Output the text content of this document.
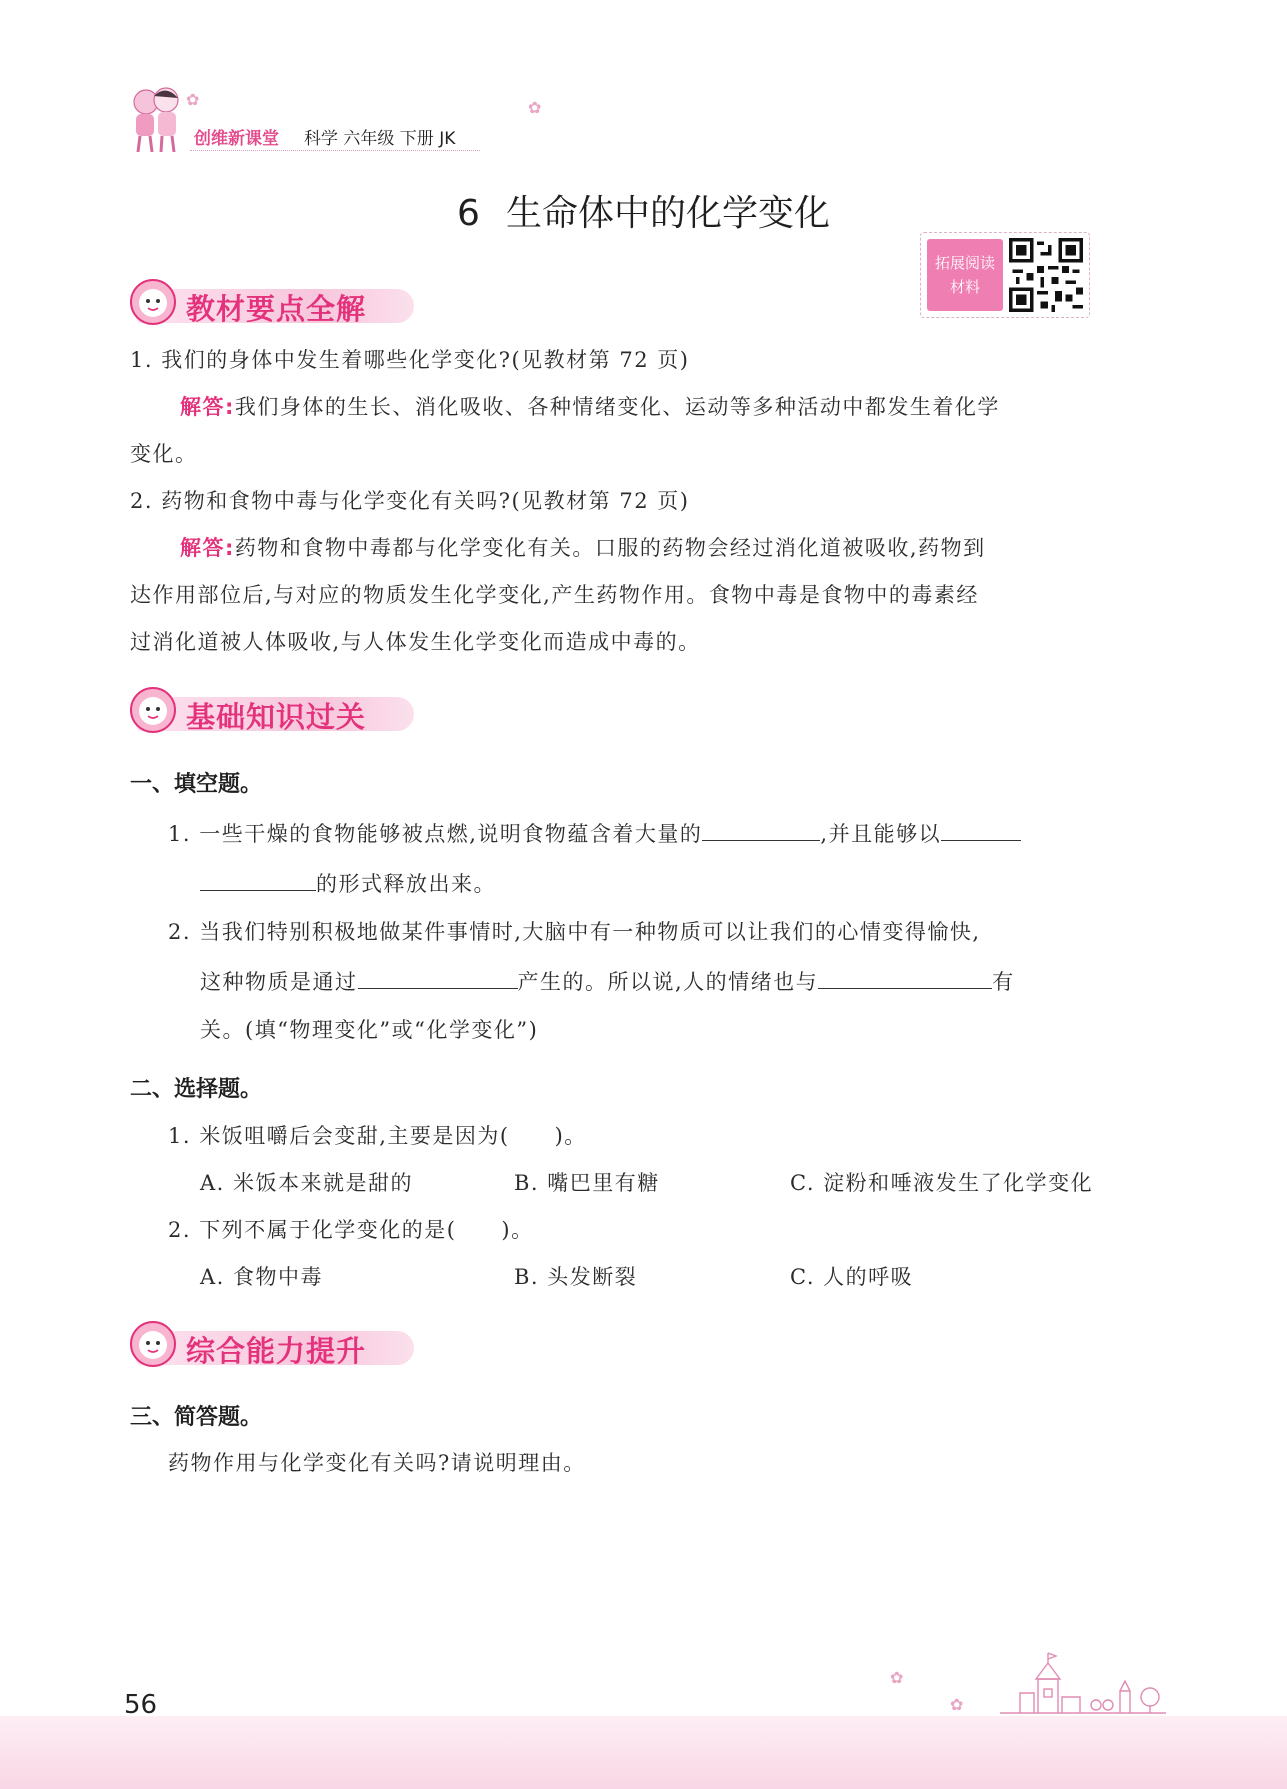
✿	✿
创维新课堂 科学 六年级 下册 JK
6 生命体中的化学变化
拓展阅读
材料
教材要点全解
1. 我们的身体中发生着哪些化学变化?(见教材第 72 页)
解答:我们身体的生长、消化吸收、各种情绪变化、运动等多种活动中都发生着化学
变化。
2. 药物和食物中毒与化学变化有关吗?(见教材第 72 页)
解答:药物和食物中毒都与化学变化有关。口服的药物会经过消化道被吸收,药物到
达作用部位后,与对应的物质发生化学变化,产生药物作用。食物中毒是食物中的毒素经
过消化道被人体吸收,与人体发生化学变化而造成中毒的。
基础知识过关
一、填空题。
1. 一些干燥的食物能够被点燃,说明食物蕴含着大量的	,并且能够以
的形式释放出来。
2. 当我们特别积极地做某件事情时,大脑中有一种物质可以让我们的心情变得愉快,
这种物质是通过	产生的。所以说,人的情绪也与	有
关。(填“物理变化”或“化学变化”)
二、选择题。
1. 米饭咀嚼后会变甜,主要是因为(　　)。
A. 米饭本来就是甜的	B. 嘴巴里有糖	C. 淀粉和唾液发生了化学变化
2. 下列不属于化学变化的是(　　)。
A. 食物中毒	B. 头发断裂	C. 人的呼吸
综合能力提升
三、简答题。
药物作用与化学变化有关吗?请说明理由。
56
✿
✿
